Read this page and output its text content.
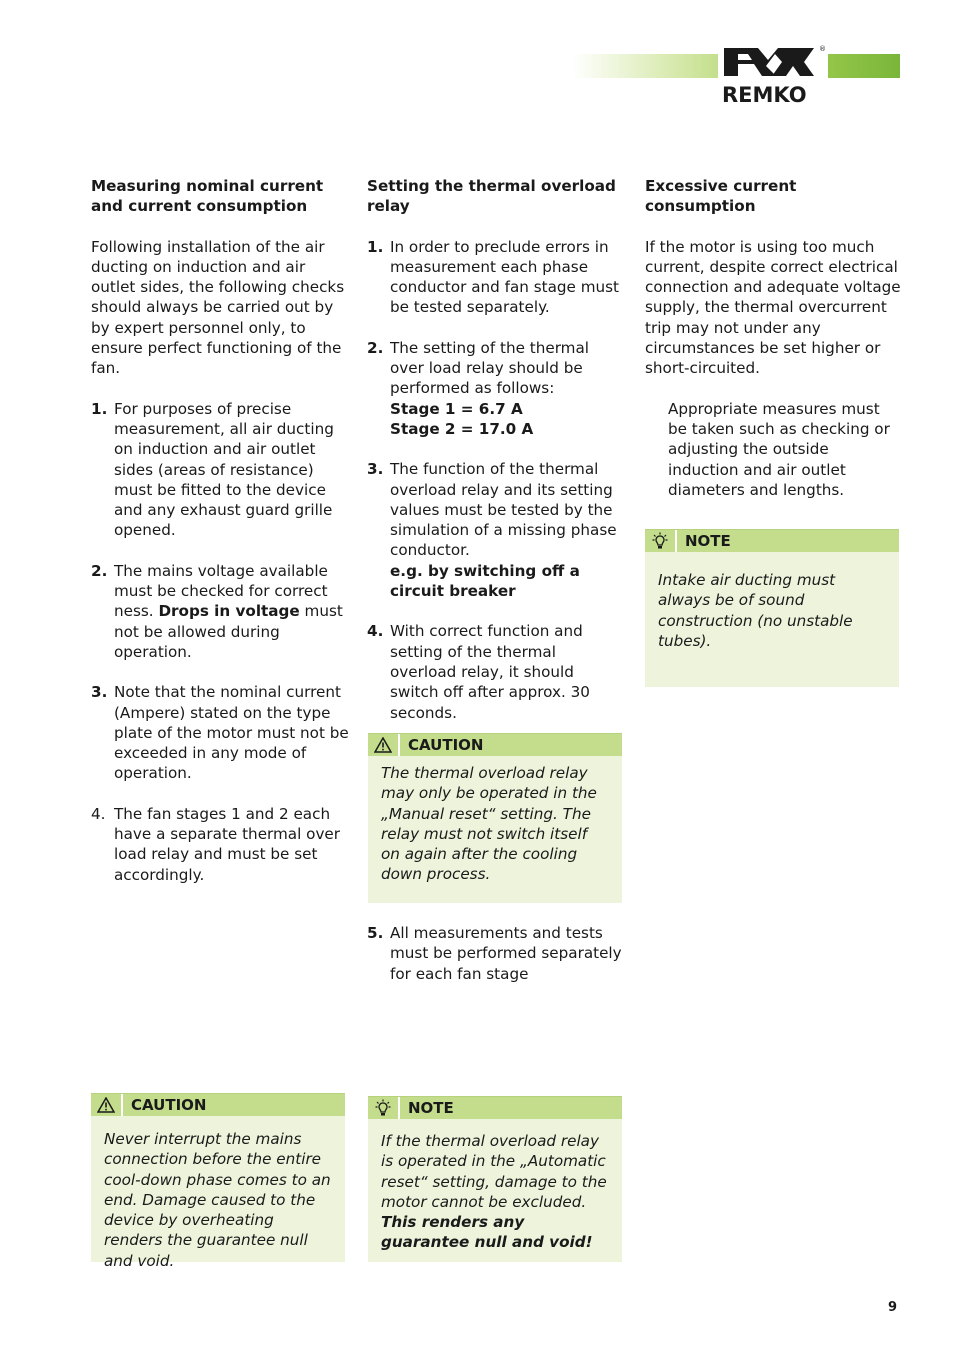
®
REMKO
Measuring nominal current and current consumption

Following installation of the air ducting on induction and air outlet sides, the following checks should always be carried out by by expert personnel only, to ensure perfect functioning of the fan.

1. For purposes of precise measurement, all air ducting on induction and air outlet sides (areas of resistance) must be fitted to the device and any exhaust guard grille opened.
2. The mains voltage available must be checked for correct ness. Drops in voltage must not be allowed during operation.
3. Note that the nominal current (Ampere) stated on the type plate of the motor must not be exceeded in any mode of operation.
4. The fan stages 1 and 2 each have a separate thermal over load relay and must be set accordingly.
Setting the thermal overload relay
1. In order to preclude errors in measurement each phase conductor and fan stage must be tested separately.
2. The setting of the thermal over load relay should be performed as follows:
Stage 1 = 6.7 A
Stage 2 = 17.0 A
3. The function of the thermal overload relay and its setting values must be tested by the simulation of a missing phase conductor.
e.g. by switching off a circuit breaker
4. With correct function and setting of the thermal overload relay, it should switch off after approx. 30 seconds.
CAUTION
The thermal overload relay may only be operated in the „Manual reset“ setting. The relay must not switch itself on again after the cooling down process.
5. All measurements and tests must be performed separately for each fan stage
Excessive current consumption

If the motor is using too much current, despite correct electrical connection and adequate voltage supply, the thermal overcurrent trip may not under any circumstances be set higher or short-circuited.

Appropriate measures must be taken such as checking or adjusting the outside induction and air outlet diameters and lengths.

NOTE
Intake air ducting must always be of sound construction (no unstable tubes).
CAUTION
Never interrupt the mains connection before the entire cool-down phase comes to an end. Damage caused to the device by overheating renders the guarantee null and void.
NOTE
If the thermal overload relay is operated in the „Automatic reset“ setting, damage to the motor cannot be excluded.
This renders any guarantee null and void!
9
